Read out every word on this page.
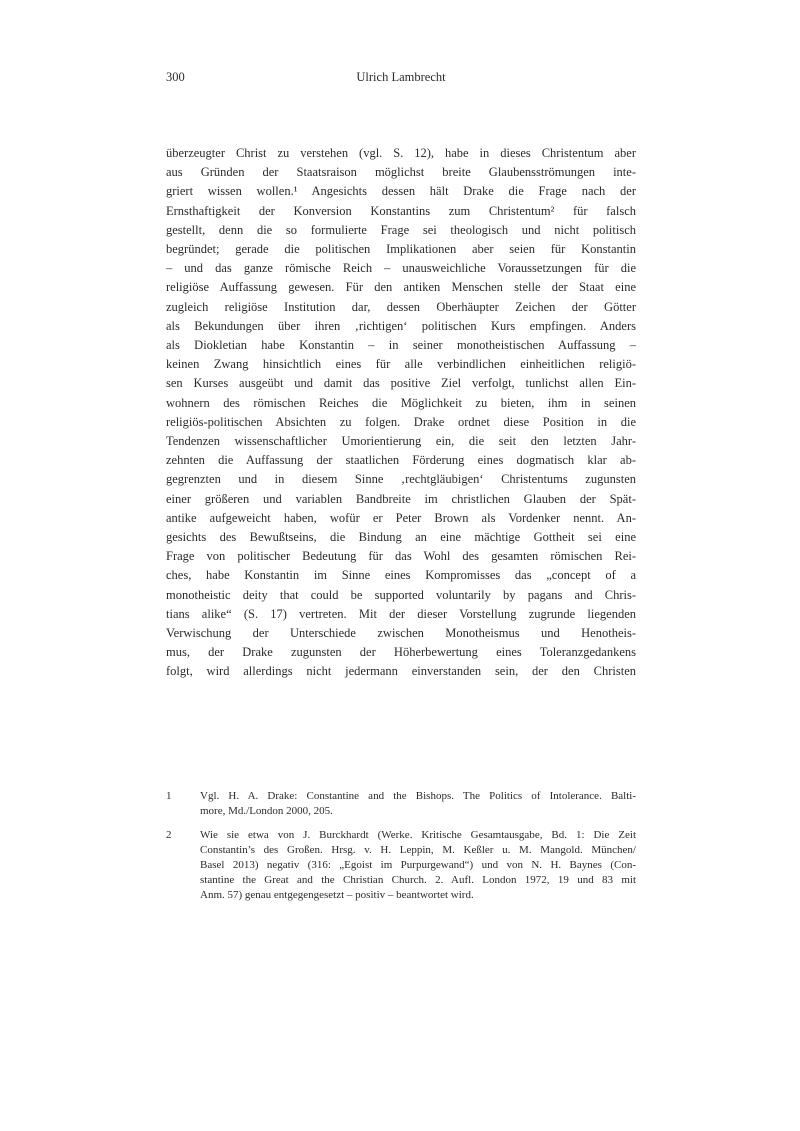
300	Ulrich Lambrecht
überzeugter Christ zu verstehen (vgl. S. 12), habe in dieses Christentum aber
aus Gründen der Staatsraison möglichst breite Glaubensströmungen inte-
griert wissen wollen.¹ Angesichts dessen hält Drake die Frage nach der
Ernsthaftigkeit der Konversion Konstantins zum Christentum² für falsch
gestellt, denn die so formulierte Frage sei theologisch und nicht politisch
begründet; gerade die politischen Implikationen aber seien für Konstantin
– und das ganze römische Reich – unausweichliche Voraussetzungen für die
religiöse Auffassung gewesen. Für den antiken Menschen stelle der Staat eine
zugleich religiöse Institution dar, dessen Oberhäupter Zeichen der Götter
als Bekundungen über ihren ‚richtigen‘ politischen Kurs empfingen. Anders
als Diokletian habe Konstantin – in seiner monotheistischen Auffassung –
keinen Zwang hinsichtlich eines für alle verbindlichen einheitlichen religiö-
sen Kurses ausgeübt und damit das positive Ziel verfolgt, tunlichst allen Ein-
wohnern des römischen Reiches die Möglichkeit zu bieten, ihm in seinen
religiös-politischen Absichten zu folgen. Drake ordnet diese Position in die
Tendenzen wissenschaftlicher Umorientierung ein, die seit den letzten Jahr-
zehnten die Auffassung der staatlichen Förderung eines dogmatisch klar ab-
gegrenzten und in diesem Sinne ‚rechtgläubigen‘ Christentums zugunsten
einer größeren und variablen Bandbreite im christlichen Glauben der Spät-
antike aufgeweicht haben, wofür er Peter Brown als Vordenker nennt. An-
gesichts des Bewußtseins, die Bindung an eine mächtige Gottheit sei eine
Frage von politischer Bedeutung für das Wohl des gesamten römischen Rei-
ches, habe Konstantin im Sinne eines Kompromisses das „concept of a
monotheistic deity that could be supported voluntarily by pagans and Chris-
tians alike“ (S. 17) vertreten. Mit der dieser Vorstellung zugrunde liegenden
Verwischung der Unterschiede zwischen Monotheismus und Henotheis-
mus, der Drake zugunsten der Höherbewertung eines Toleranzgedankens
folgt, wird allerdings nicht jedermann einverstanden sein, der den Christen
1	Vgl. H. A. Drake: Constantine and the Bishops. The Politics of Intolerance. Balti-
more, Md./London 2000, 205.
2	Wie sie etwa von J. Burckhardt (Werke. Kritische Gesamtausgabe, Bd. 1: Die Zeit
Constantin’s des Großen. Hrsg. v. H. Leppin, M. Keßler u. M. Mangold. München/
Basel 2013) negativ (316: „Egoist im Purpurgewand“) und von N. H. Baynes (Con-
stantine the Great and the Christian Church. 2. Aufl. London 1972, 19 und 83 mit
Anm. 57) genau entgegengesetzt – positiv – beantwortet wird.
